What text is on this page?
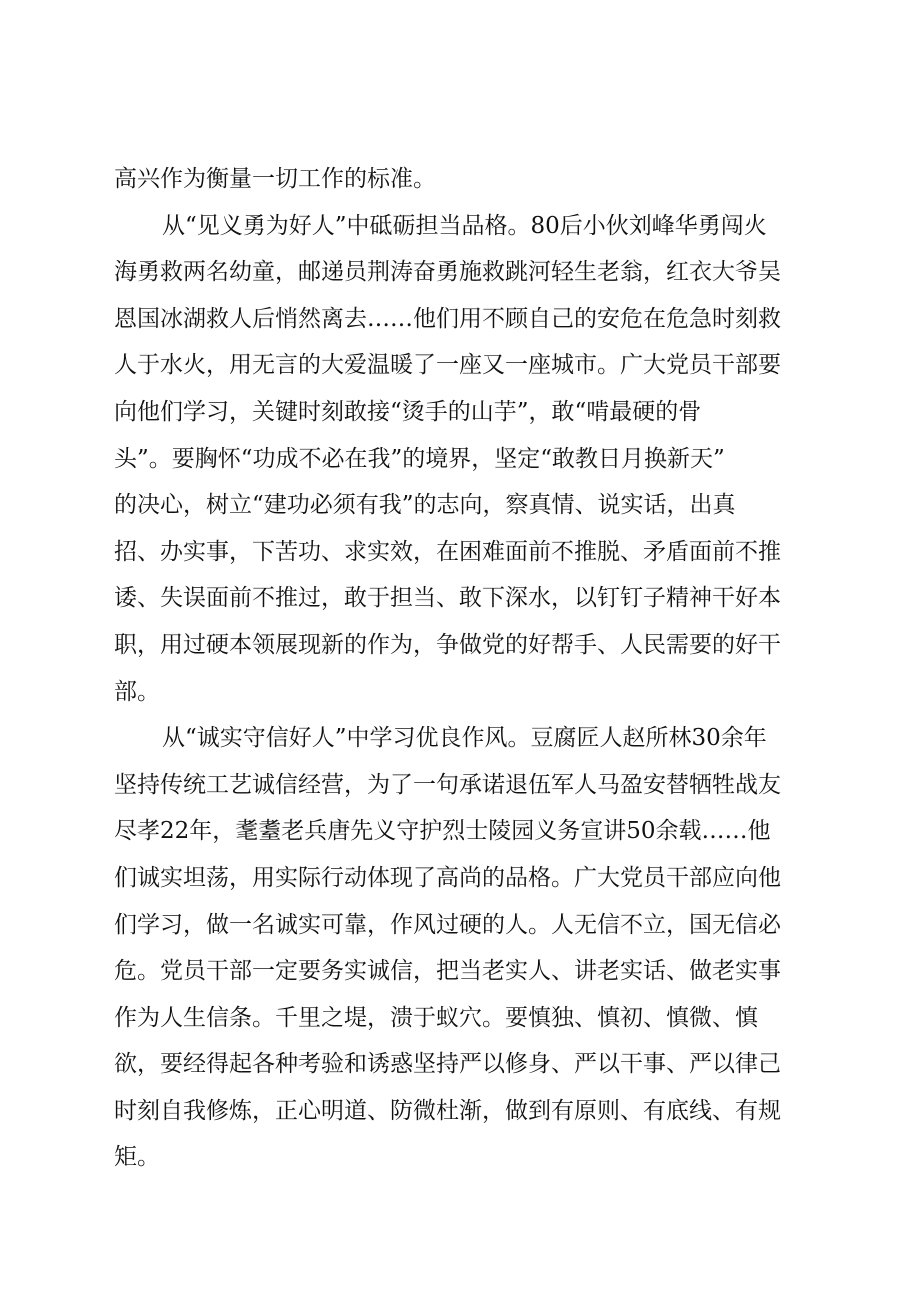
高兴作为衡量一切工作的标准。
从“见义勇为好人”中砥砺担当品格。80后小伙刘峰华勇闯火
海勇救两名幼童，邮递员荆涛奋勇施救跳河轻生老翁，红衣大爷吴
恩国冰湖救人后悄然离去……他们用不顾自己的安危在危急时刻救
人于水火，用无言的大爱温暖了一座又一座城市。广大党员干部要
向他们学习，关键时刻敢接“烫手的山芋”，敢“啃最硬的骨
头”。要胸怀“功成不必在我”的境界，坚定“敢教日月换新天”
的决心，树立“建功必须有我”的志向，察真情、说实话，出真
招、办实事，下苦功、求实效，在困难面前不推脱、矛盾面前不推
诿、失误面前不推过，敢于担当、敢下深水，以钉钉子精神干好本
职，用过硬本领展现新的作为，争做党的好帮手、人民需要的好干
部。
从“诚实守信好人”中学习优良作风。豆腐匠人赵所林30余年
坚持传统工艺诚信经营，为了一句承诺退伍军人马盈安替牺牲战友
尽孝22年，耄耋老兵唐先义守护烈士陵园义务宣讲50余载……他
们诚实坦荡，用实际行动体现了高尚的品格。广大党员干部应向他
们学习，做一名诚实可靠，作风过硬的人。人无信不立，国无信必
危。党员干部一定要务实诚信，把当老实人、讲老实话、做老实事
作为人生信条。千里之堤，溃于蚁穴。要慎独、慎初、慎微、慎
欲，要经得起各种考验和诱惑坚持严以修身、严以干事、严以律己
时刻自我修炼，正心明道、防微杜渐，做到有原则、有底线、有规
矩。
